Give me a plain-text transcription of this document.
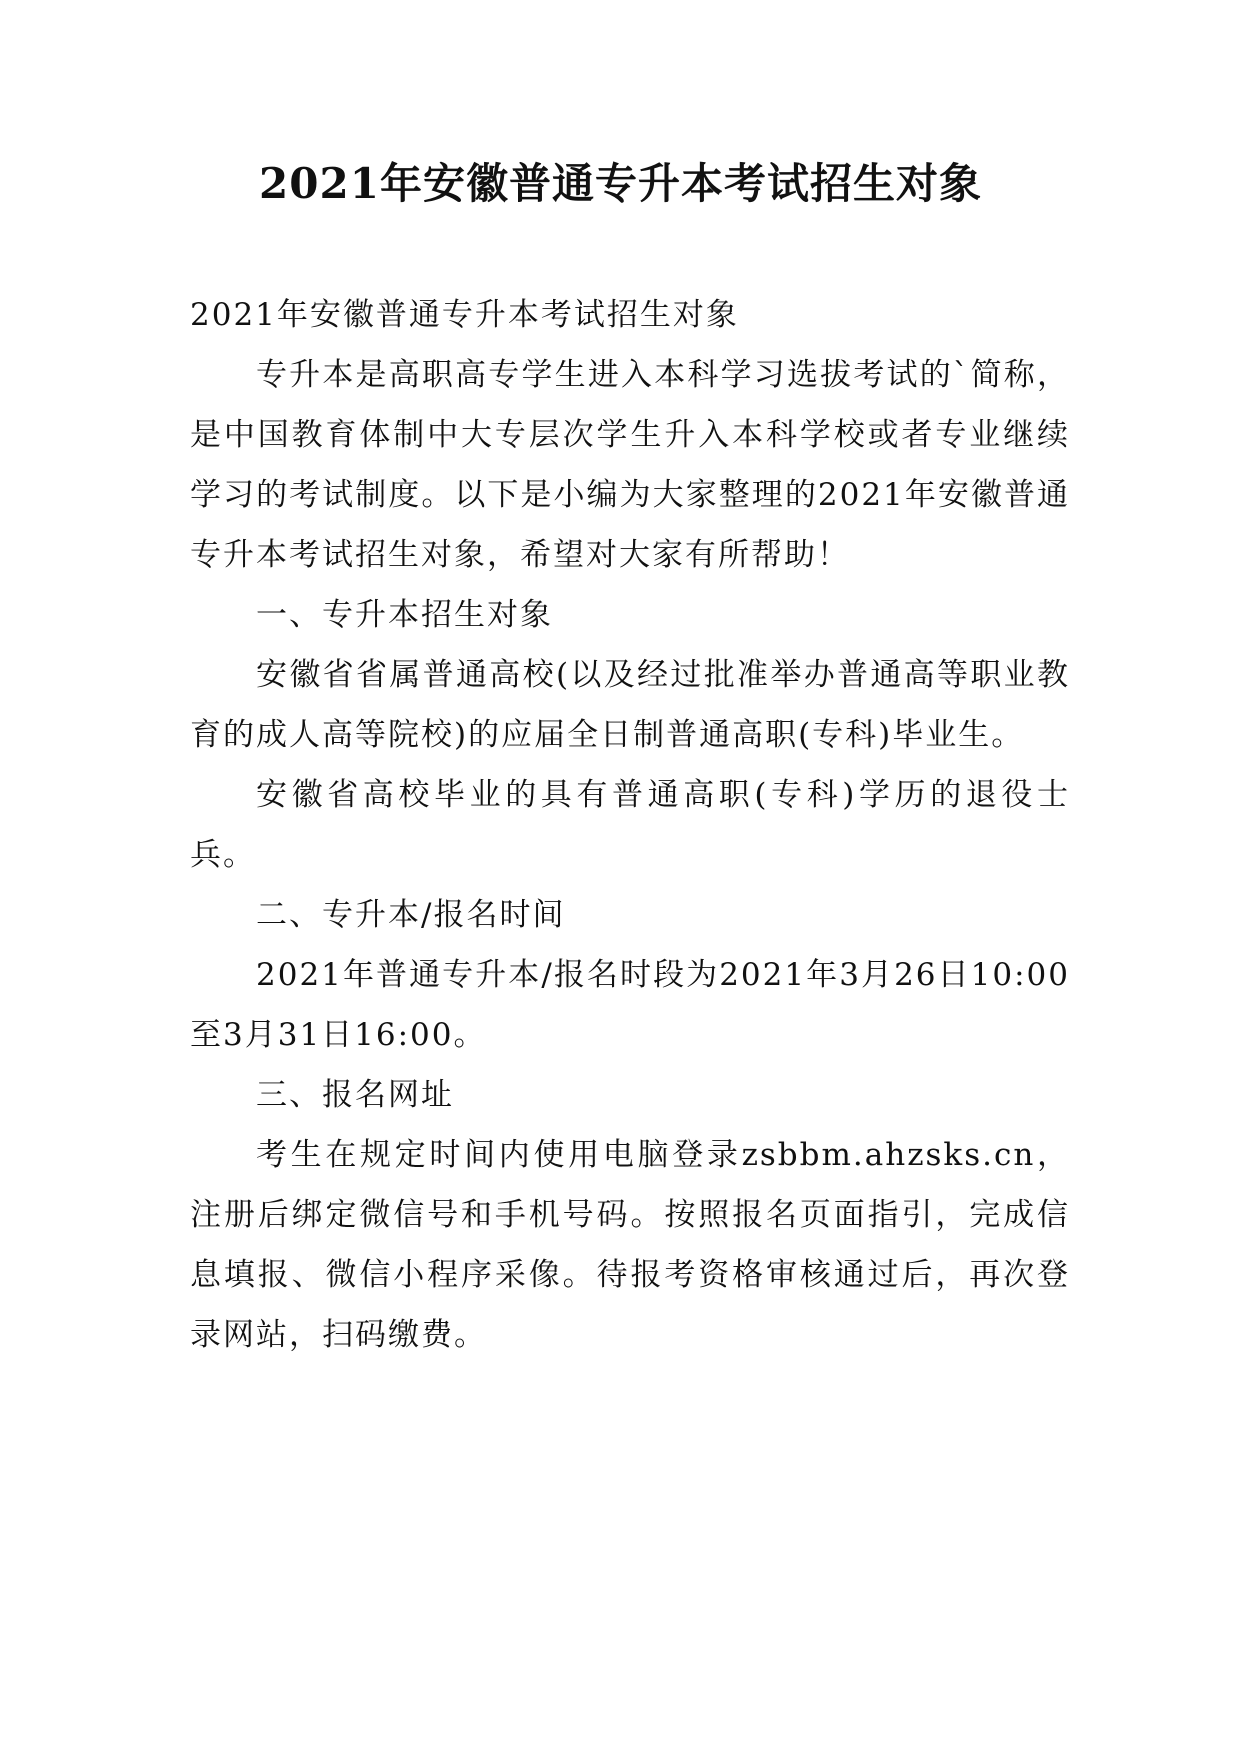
2021年安徽普通专升本考试招生对象

2021年安徽普通专升本考试招生对象

专升本是高职高专学生进入本科学习选拔考试的`简称，是中国教育体制中大专层次学生升入本科学校或者专业继续学习的考试制度。以下是小编为大家整理的2021年安徽普通专升本考试招生对象，希望对大家有所帮助！

一、专升本招生对象

安徽省省属普通高校(以及经过批准举办普通高等职业教育的成人高等院校)的应届全日制普通高职(专科)毕业生。

安徽省高校毕业的具有普通高职(专科)学历的退役士兵。

二、专升本/报名时间

2021年普通专升本/报名时段为2021年3月26日10:00至3月31日16:00。

三、报名网址

考生在规定时间内使用电脑登录zsbbm.ahzsks.cn，注册后绑定微信号和手机号码。按照报名页面指引，完成信息填报、微信小程序采像。待报考资格审核通过后，再次登录网站，扫码缴费。
